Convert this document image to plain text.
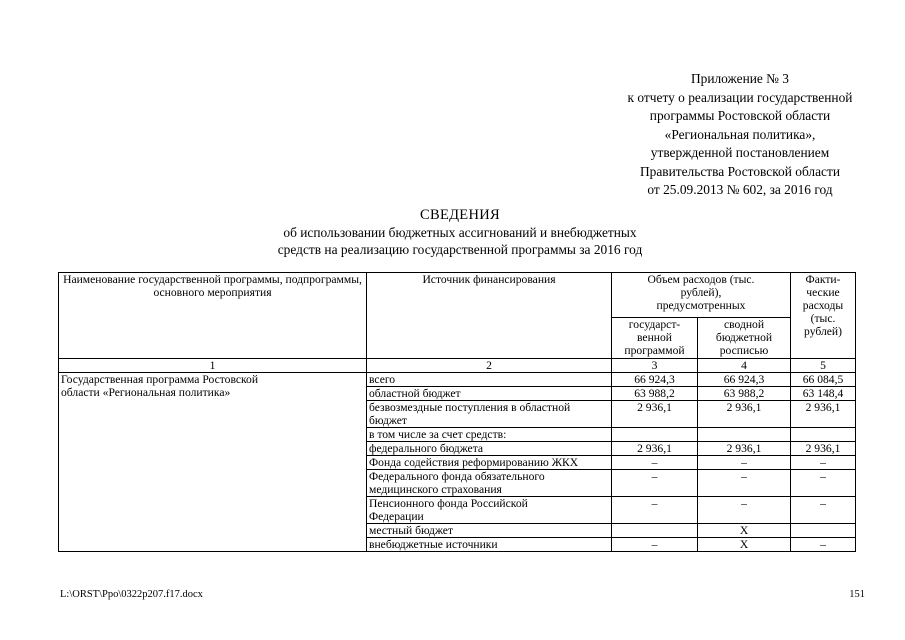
Приложение № 3
к отчету о реализации государственной
программы Ростовской области
«Региональная политика»,
утвержденной постановлением
Правительства Ростовской области
от 25.09.2013 № 602, за 2016 год
СВЕДЕНИЯ
об использовании бюджетных ассигнований и внебюджетных
средств на реализацию государственной программы за 2016 год
Наименование государственной программы, подпрограммы, основного мероприятия	Источник финансирования	Объем расходов (тыс. рублей), предусмотренных		Факти-ческие расходы (тыс. рублей)
		государст-венной программой	сводной бюджетной росписью	
1	2	3	4	5
Государственная программа Ростовской области «Региональная политика»	всего	66 924,3	66 924,3	66 084,5
	областной бюджет	63 988,2	63 988,2	63 148,4
	безвозмездные поступления в областной бюджет	2 936,1	2 936,1	2 936,1
	в том числе за счет средств:			
	федерального бюджета	2 936,1	2 936,1	2 936,1
	Фонда содействия реформированию ЖКХ	–	–	–
	Федерального фонда обязательного медицинского страхования	–	–	–
	Пенсионного фонда Российской Федерации	–	–	–
	местный бюджет		X	
	внебюджетные источники	–	X	–
L:\ORST\Ppo\0322p207.f17.docx	151
